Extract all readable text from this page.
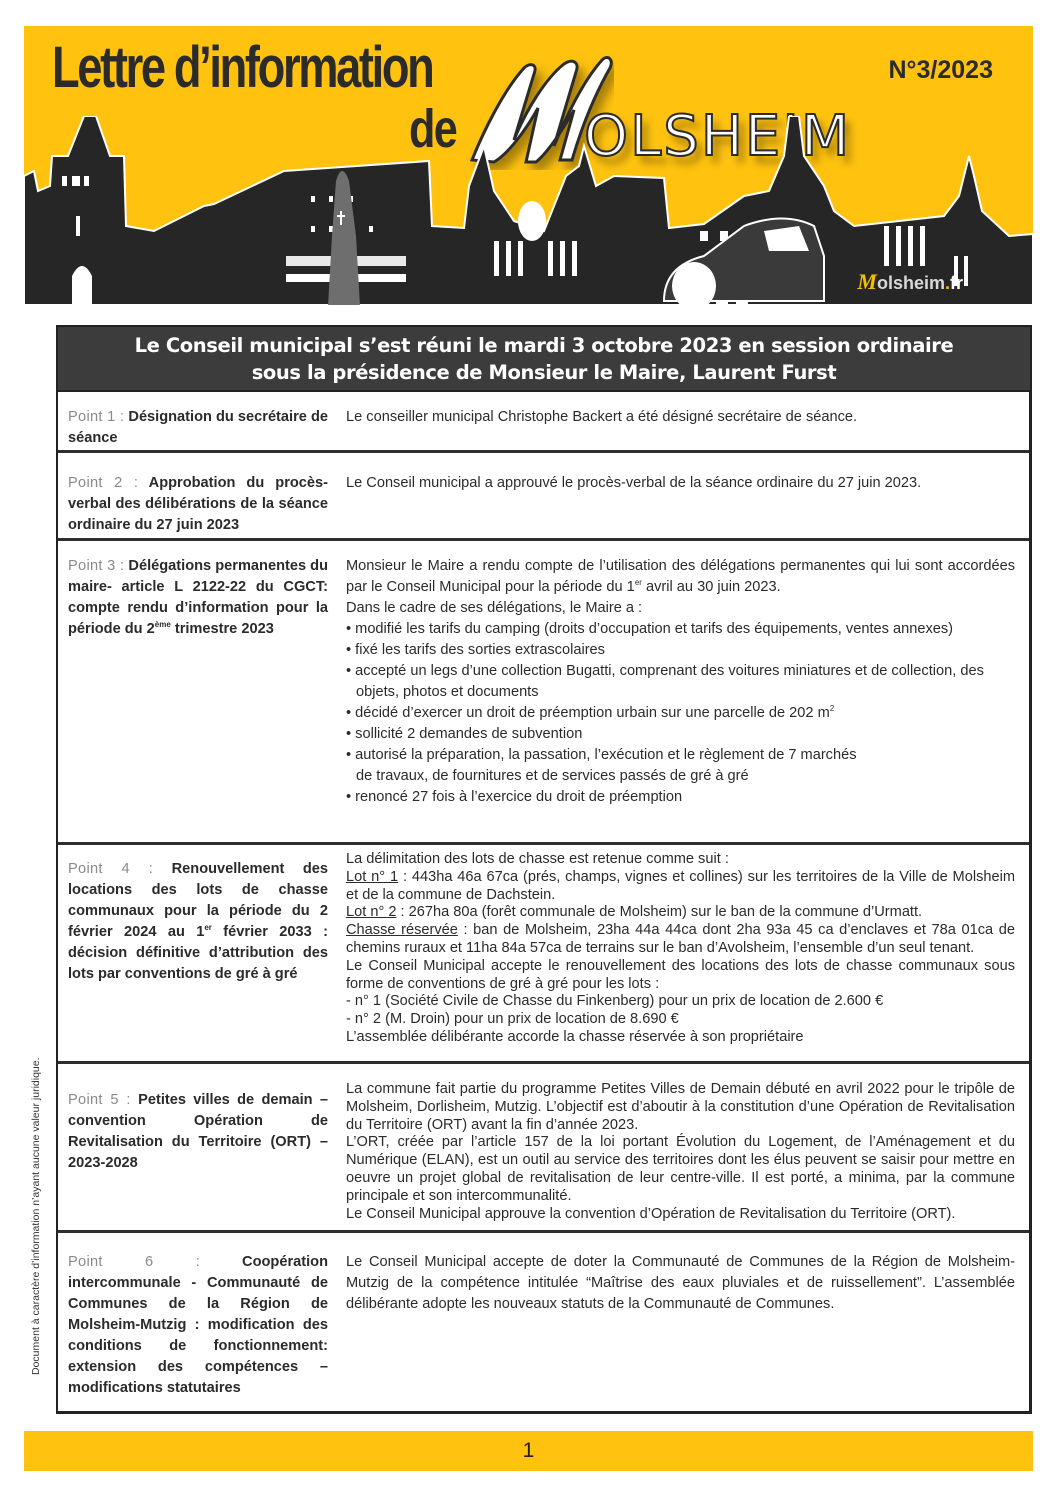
Lettre d’information
de OLSHEIM
N°3/2023
Molsheim.fr
Le Conseil municipal s’est réuni le mardi 3 octobre 2023 en session ordinaire
sous la présidence de Monsieur le Maire, Laurent Furst
Point 1 : Désignation du secrétaire de séance

Le conseiller municipal Christophe Backert a été désigné secrétaire de séance.

Point 2 : Approbation du procès-verbal des délibérations de la séance ordinaire du 27 juin 2023

Le Conseil municipal a approuvé le procès-verbal de la séance ordinaire du 27 juin 2023.

Point 3 : Délégations permanentes du maire- article L 2122-22 du CGCT: compte rendu d’information pour la période du 2ème trimestre 2023

Monsieur le Maire a rendu compte de l’utilisation des délégations permanentes qui lui sont accordées par le Conseil Municipal pour la période du 1er avril au 30 juin 2023.

Dans le cadre de ses délégations, le Maire a :

• modifié les tarifs du camping (droits d’occupation et tarifs des équipements, ventes annexes)

• fixé les tarifs des sorties extrascolaires

• accepté un legs d’une collection Bugatti, comprenant des voitures miniatures et de collection, des objets, photos et documents

• décidé d’exercer un droit de préemption urbain sur une parcelle de 202 $m^2$

• sollicité 2 demandes de subvention

• autorisé la préparation, la passation, l’exécution et le règlement de 7 marchés de travaux, de fournitures et de services passés de gré à gré

• renoncé 27 fois à l’exercice du droit de préemption

Point 4 : Renouvellement des locations des lots de chasse communaux pour la période du 2 février 2024 au 1er février 2033 : décision définitive d’attribution des lots par conventions de gré à gré

La délimitation des lots de chasse est retenue comme suit :

Lot n° 1 : 443ha 46a 67ca (prés, champs, vignes et collines) sur les territoires de la Ville de Molsheim et de la commune de Dachstein.

Lot n° 2 : 267ha 80a (forêt communale de Molsheim) sur le ban de la commune d’Urmatt.

Chasse réservée : ban de Molsheim, 23ha 44a 44ca dont 2ha 93a 45 ca d’enclaves et 78a 01ca de chemins ruraux et 11ha 84a 57ca de terrains sur le ban d’Avolsheim, l’ensemble d’un seul tenant.

Le Conseil Municipal accepte le renouvellement des locations des lots de chasse communaux sous forme de conventions de gré à gré pour les lots :

- n° 1 (Société Civile de Chasse du Finkenberg) pour un prix de location de 2.600 €

- n° 2 (M. Droin) pour un prix de location de 8.690 €

L’assemblée délibérante accorde la chasse réservée à son propriétaire

Point 5 : Petites villes de demain – convention Opération de Revitalisation du Territoire (ORT) – 2023-2028

La commune fait partie du programme Petites Villes de Demain débuté en avril 2022 pour le tripôle de Molsheim, Dorlisheim, Mutzig. L’objectif est d’aboutir à la constitution d’une Opération de Revitalisation du Territoire (ORT) avant la fin d’année 2023.

L’ORT, créée par l’article 157 de la loi portant Évolution du Logement, de l’Aménagement et du Numérique (ELAN), est un outil au service des territoires dont les élus peuvent se saisir pour mettre en oeuvre un projet global de revitalisation de leur centre-ville. Il est porté, a minima, par la commune principale et son intercommunalité.

Le Conseil Municipal approuve la convention d’Opération de Revitalisation du Territoire (ORT).

Point 6 :	Coopération intercommunale - Communauté de Communes de la Région de Molsheim-Mutzig : modification des conditions de fonctionnement: extension des compétences – modifications statutaires

Le Conseil Municipal accepte de doter la Communauté de Communes de la Région de Molsheim-Mutzig de la compétence intitulée “Maîtrise des eaux pluviales et de ruissellement”. L’assemblée délibérante adopte les nouveaux statuts de la Communauté de Communes.

Document à caractère d’information n’ayant aucune valeur juridique.
1
